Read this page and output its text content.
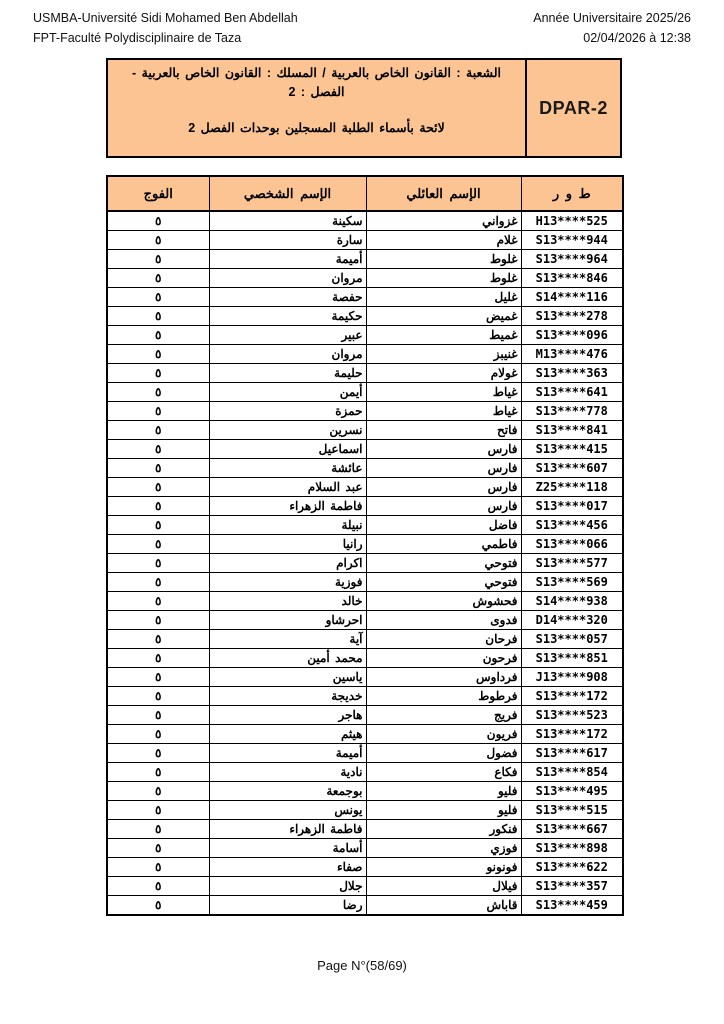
USMBA-Université Sidi Mohamed Ben Abdellah
FPT-Faculté Polydisciplinaire de Taza
Année Universitaire 2025/26
02/04/2026 à 12:38

الشعبة : القانون الخاص بالعربية / المسلك : القانون الخاص بالعربية - الفصل : 2

لائحة بأسماء الطلبة المسجلين بوحدات الفصل 2

DPAR-2
ط و ر	الإسم العائلي	الإسم الشخصي	الفوج
H13****525	غزواني	سكينة	٥
S13****944	غلام	سارة	٥
S13****964	غلوط	أميمة	٥
S13****846	غلوط	مروان	٥
S14****116	غليل	حفصة	٥
S13****278	غميض	حكيمة	٥
S13****096	غميط	عبير	٥
M13****476	غنيبز	مروان	٥
S13****363	غولام	حليمة	٥
S13****641	غياط	أيمن	٥
S13****778	غياط	حمزة	٥
S13****841	فاتح	نسرين	٥
S13****415	فارس	اسماعيل	٥
S13****607	فارس	عائشة	٥
Z25****118	فارس	عبد السلام	٥
S13****017	فارس	فاطمة الزهراء	٥
S13****456	فاضل	نبيلة	٥
S13****066	فاطمي	رانيا	٥
S13****577	فتوحي	اكرام	٥
S13****569	فتوحي	فوزية	٥
S14****938	فحشوش	خالد	٥
D14****320	فدوى	احرشاو	٥
S13****057	فرحان	آية	٥
S13****851	فرحون	محمد أمين	٥
J13****908	فرداوس	ياسين	٥
S13****172	فرطوط	خديجة	٥
S13****523	فريج	هاجر	٥
S13****172	فريون	هيثم	٥
S13****617	فضول	أميمة	٥
S13****854	فكاع	نادية	٥
S13****495	فليو	بوجمعة	٥
S13****515	فليو	يونس	٥
S13****667	فنكور	فاطمة الزهراء	٥
S13****898	فوزي	أسامة	٥
S13****622	فونونو	صفاء	٥
S13****357	فيلال	جلال	٥
S13****459	قاباش	رضا	٥
Page N°(58/69)
